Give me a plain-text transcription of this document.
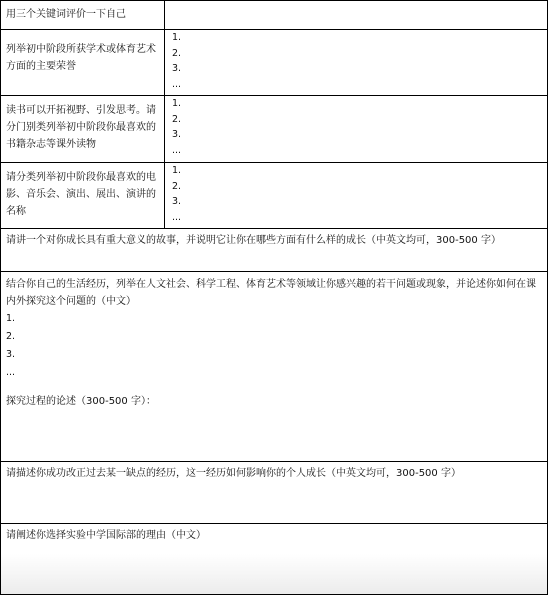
用三个关键词评价一下自己
列举初中阶段所获学术或体育艺术方面的主要荣誉
1.
2.
3.
...
读书可以开拓视野、引发思考。请分门别类列举初中阶段你最喜欢的书籍杂志等课外读物
1.
2.
3.
...
请分类列举初中阶段你最喜欢的电影、音乐会、演出、展出、演讲的名称
1.
2.
3.
...
请讲一个对你成长具有重大意义的故事，并说明它让你在哪些方面有什么样的成长（中英文均可，300-500 字）
结合你自己的生活经历，列举在人文社会、科学工程、体育艺术等领域让你感兴趣的若干问题或现象，并论述你如何在课内外探究这个问题的（中文）
1.
2.
3.
...
探究过程的论述（300-500 字）：
请描述你成功改正过去某一缺点的经历，这一经历如何影响你的个人成长（中英文均可，300-500 字）
请阐述你选择实验中学国际部的理由（中文）
